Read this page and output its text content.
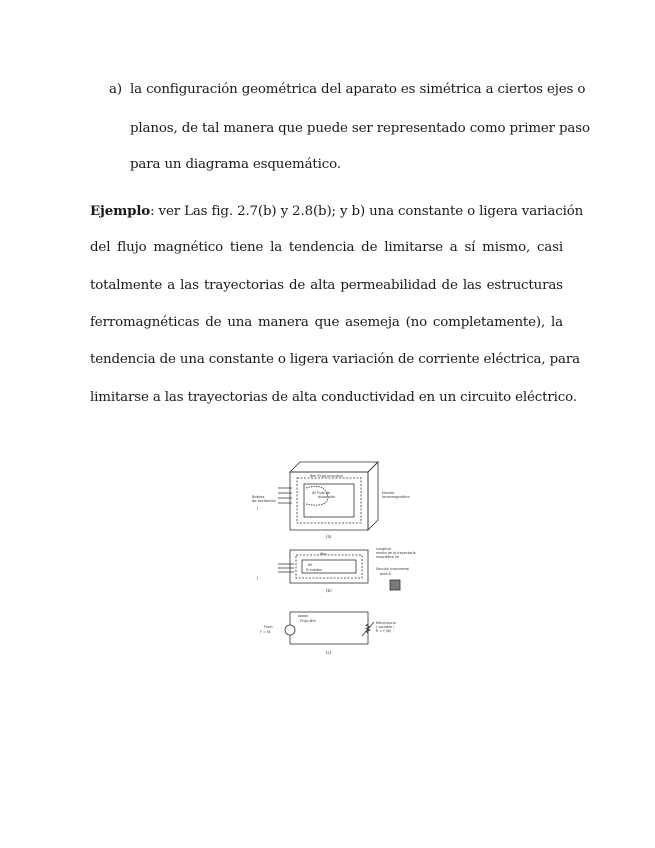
a) la configuración geométrica del aparato es simétrica a ciertos ejes o
planos, de tal manera que puede ser representado como primer paso
para un diagrama esquemático.
Ejemplo: ver Las fig. 2.7(b) y 2.8(b); y b) una constante o ligera variación
del flujo magnético tiene la tendencia de limitarse a sí mismo, casi
totalmente a las trayectorias de alta permeabilidad de las estructuras
ferromagnéticas de una manera que asemeja (no completamente), la
tendencia de una constante o ligera variación de corriente eléctrica, para
limitarse a las trayectorias de alta conductividad en un circuito eléctrico.
Bobina
de excitación
Núcleo
ferromagnético
Φm Flujo principal
Φl Flujo de
dispersión
i
(a)
Φm
Φl
N vueltas
i
Longitud
media de la trayectoria
magnética lm
Sección transversal
área A
(b)
Flujo Φm
Fmm
F = Ni
Reluctancia
( variable )
R = f (Φ)
(c)
